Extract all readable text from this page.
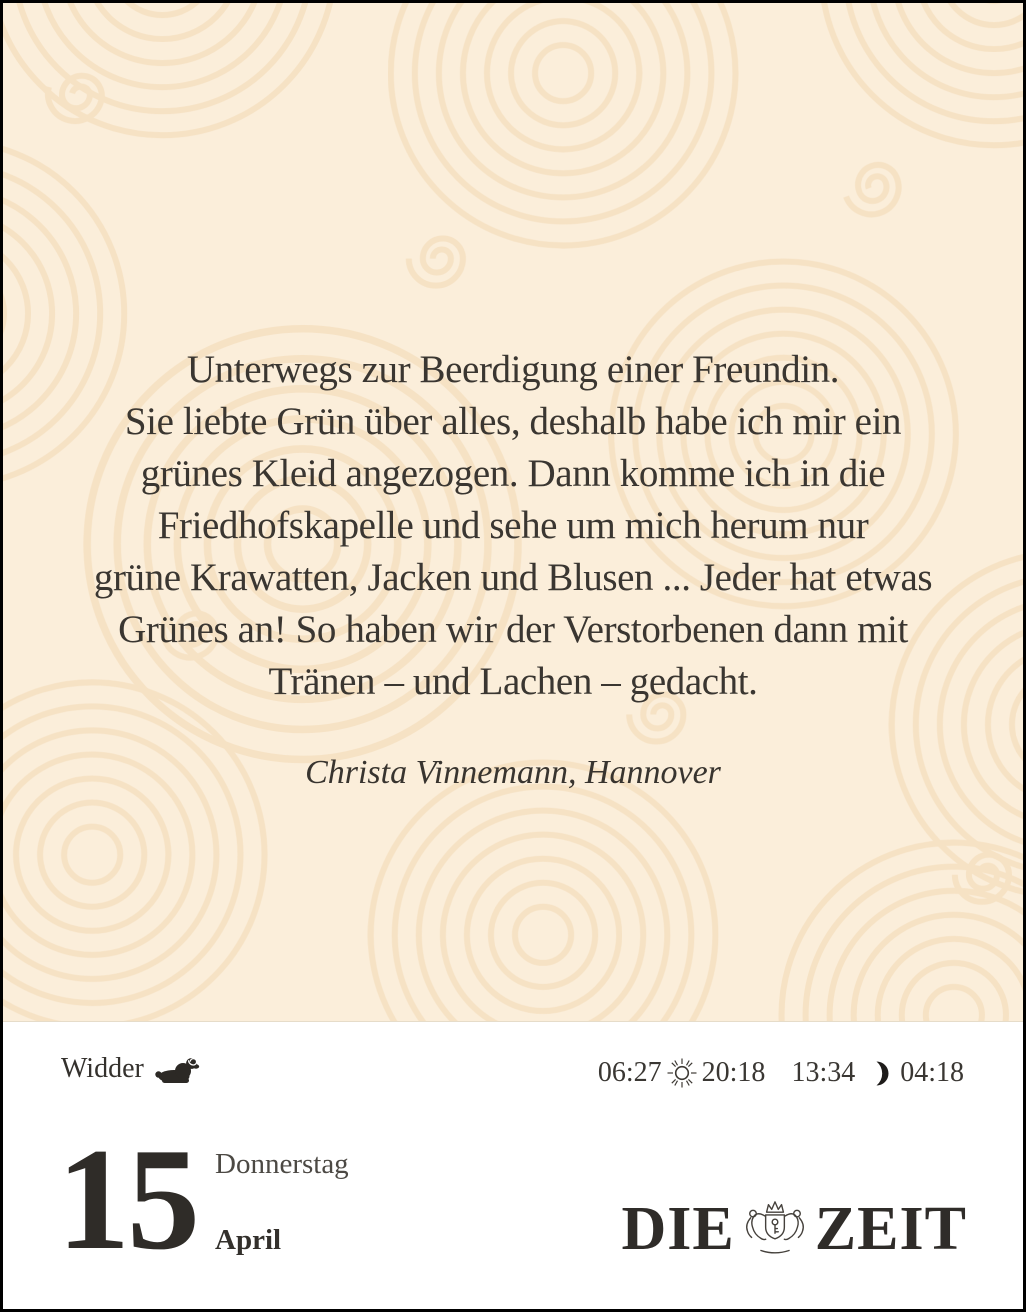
Unterwegs zur Beerdigung einer Freundin.
Sie liebte Grün über alles, deshalb habe ich mir ein
grünes Kleid angezogen. Dann komme ich in die
Friedhofskapelle und sehe um mich herum nur
grüne Krawatten, Jacken und Blusen ... Jeder hat etwas
Grünes an! So haben wir der Verstorbenen dann mit
Tränen – und Lachen – gedacht.
Christa Vinnemann, Hannover
Widder	06:27 20:18 13:34 04:18
15 Donnerstag
April	DIE ZEIT
